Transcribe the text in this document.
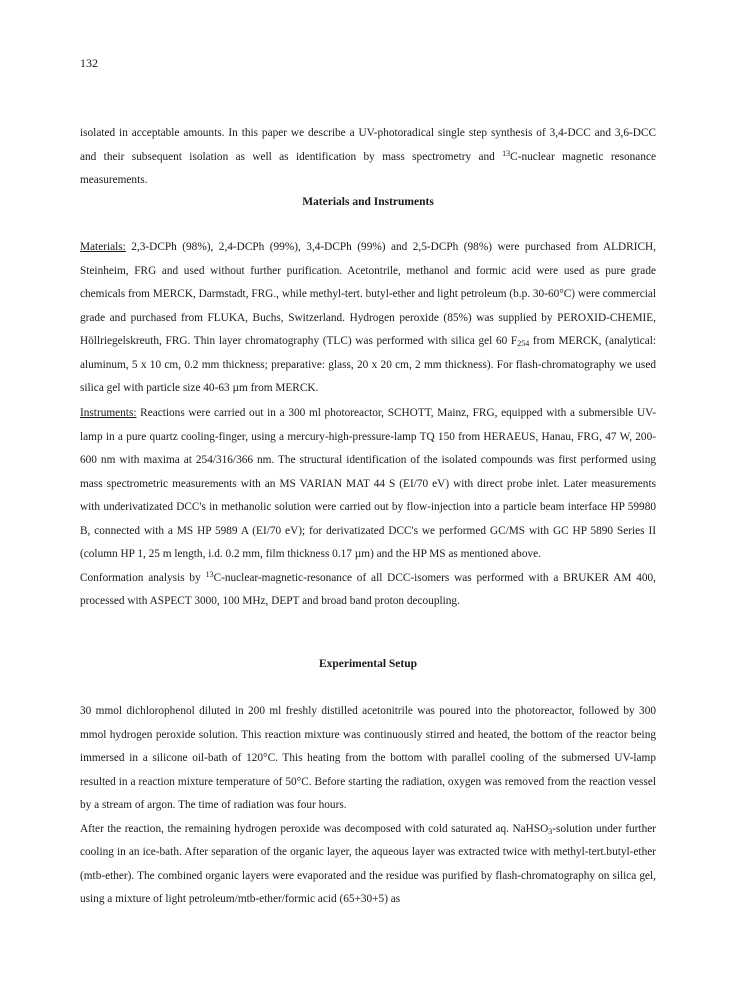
132

isolated in acceptable amounts. In this paper we describe a UV-photoradical single step synthesis of 3,4-DCC and 3,6-DCC and their subsequent isolation as well as identification by mass spectrometry and $^{13}$C-nuclear magnetic resonance measurements.

Materials and Instruments

Materials: 2,3-DCPh (98%), 2,4-DCPh (99%), 3,4-DCPh (99%) and 2,5-DCPh (98%) were purchased from ALDRICH, Steinheim, FRG and used without further purification. Acetontrile, methanol and formic acid were used as pure grade chemicals from MERCK, Darmstadt, FRG., while methyl-tert. butyl-ether and light petroleum (b.p. 30-60°C) were commercial grade and purchased from FLUKA, Buchs, Switzerland. Hydrogen peroxide (85%) was supplied by PEROXID-CHEMIE, Höllriegelskreuth, FRG. Thin layer chromatography (TLC) was performed with silica gel 60 $F_{254}$ from MERCK, (analytical: aluminum, 5 x 10 cm, 0.2 mm thickness; preparative: glass, 20 x 20 cm, 2 mm thickness). For flash-chromatography we used silica gel with particle size 40-63 µm from MERCK.

Instruments: Reactions were carried out in a 300 ml photoreactor, SCHOTT, Mainz, FRG, equipped with a submersible UV-lamp in a pure quartz cooling-finger, using a mercury-high-pressure-lamp TQ 150 from HERAEUS, Hanau, FRG, 47 W, 200-600 nm with maxima at 254/316/366 nm. The structural identification of the isolated compounds was first performed using mass spectrometric measurements with an MS VARIAN MAT 44 S (EI/70 eV) with direct probe inlet. Later measurements with underivatizated DCC's in methanolic solution were carried out by flow-injection into a particle beam interface HP 59980 B, connected with a MS HP 5989 A (EI/70 eV); for derivatizated DCC's we performed GC/MS with GC HP 5890 Series II (column HP 1, 25 m length, i.d. 0.2 mm, film thickness 0.17 µm) and the HP MS as mentioned above.
Conformation analysis by $^{13}$C-nuclear-magnetic-resonance of all DCC-isomers was performed with a BRUKER AM 400, processed with ASPECT 3000, 100 MHz, DEPT and broad band proton decoupling.

Experimental Setup

30 mmol dichlorophenol diluted in 200 ml freshly distilled acetonitrile was poured into the photoreactor, followed by 300 mmol hydrogen peroxide solution. This reaction mixture was continuously stirred and heated, the bottom of the reactor being immersed in a silicone oil-bath of 120°C. This heating from the bottom with parallel cooling of the submersed UV-lamp resulted in a reaction mixture temperature of 50°C. Before starting the radiation, oxygen was removed from the reaction vessel by a stream of argon. The time of radiation was four hours.
After the reaction, the remaining hydrogen peroxide was decomposed with cold saturated aq. NaHSO$_3$-solution under further cooling in an ice-bath. After separation of the organic layer, the aqueous layer was extracted twice with methyl-tert.butyl-ether (mtb-ether). The combined organic layers were evaporated and the residue was purified by flash-chromatography on silica gel, using a mixture of light petroleum/mtb-ether/formic acid (65+30+5) as
